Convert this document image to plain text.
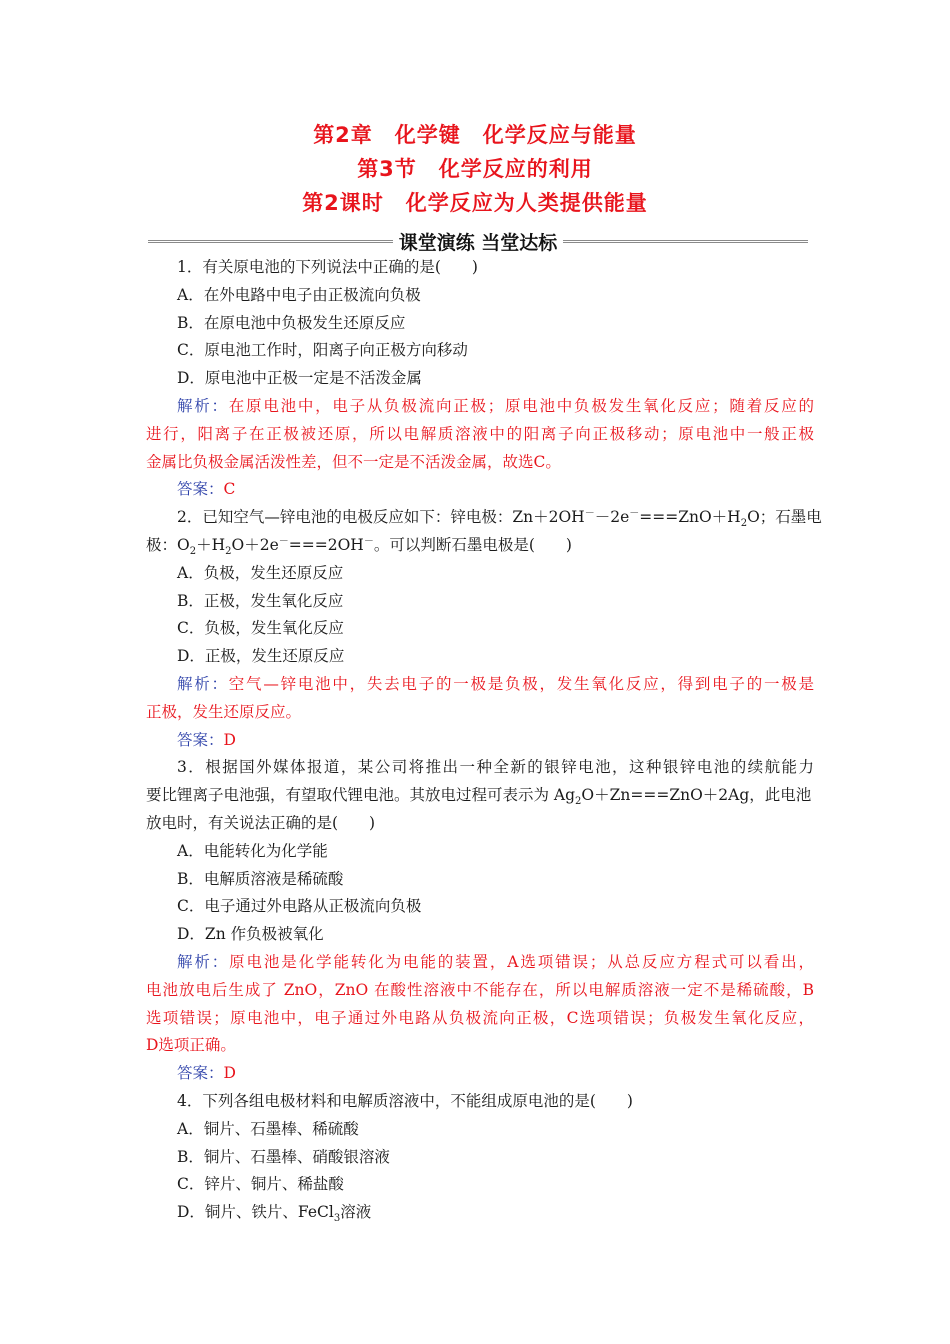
第2章　化学键　化学反应与能量
第3节　化学反应的利用
第2课时　化学反应为人类提供能量
课堂演练 当堂达标
1．有关原电池的下列说法中正确的是(　　)
A．在外电路中电子由正极流向负极
B．在原电池中负极发生还原反应
C．原电池工作时，阳离子向正极方向移动
D．原电池中正极一定是不活泼金属
解析：在原电池中，电子从负极流向正极；原电池中负极发生氧化反应；随着反应的
进行，阳离子在正极被还原，所以电解质溶液中的阳离子向正极移动；原电池中一般正极
金属比负极金属活泼性差，但不一定是不活泼金属，故选C。
答案：C
2．已知空气—锌电池的电极反应如下：锌电极：$Zn+2OH^--2e^-===ZnO+H_2O$；石墨电
极：$O_2+H_2O+2e^-===2OH^-$。可以判断石墨电极是(　　)
A．负极，发生还原反应
B．正极，发生氧化反应
C．负极，发生氧化反应
D．正极，发生还原反应
解析：空气—锌电池中，失去电子的一极是负极，发生氧化反应，得到电子的一极是
正极，发生还原反应。
答案：D
3．根据国外媒体报道，某公司将推出一种全新的银锌电池，这种银锌电池的续航能力
要比锂离子电池强，有望取代锂电池。其放电过程可表示为 $Ag_2O+Zn===ZnO+2Ag$，此电池
放电时，有关说法正确的是(　　)
A．电能转化为化学能
B．电解质溶液是稀硫酸
C．电子通过外电路从正极流向负极
D．Zn 作负极被氧化
解析：原电池是化学能转化为电能的装置，A选项错误；从总反应方程式可以看出，
电池放电后生成了 ZnO，ZnO 在酸性溶液中不能存在，所以电解质溶液一定不是稀硫酸，B
选项错误；原电池中，电子通过外电路从负极流向正极，C选项错误；负极发生氧化反应，
D选项正确。
答案：D
4．下列各组电极材料和电解质溶液中，不能组成原电池的是(　　)
A．铜片、石墨棒、稀硫酸
B．铜片、石墨棒、硝酸银溶液
C．锌片、铜片、稀盐酸
D．铜片、铁片、FeCl$_3$溶液
